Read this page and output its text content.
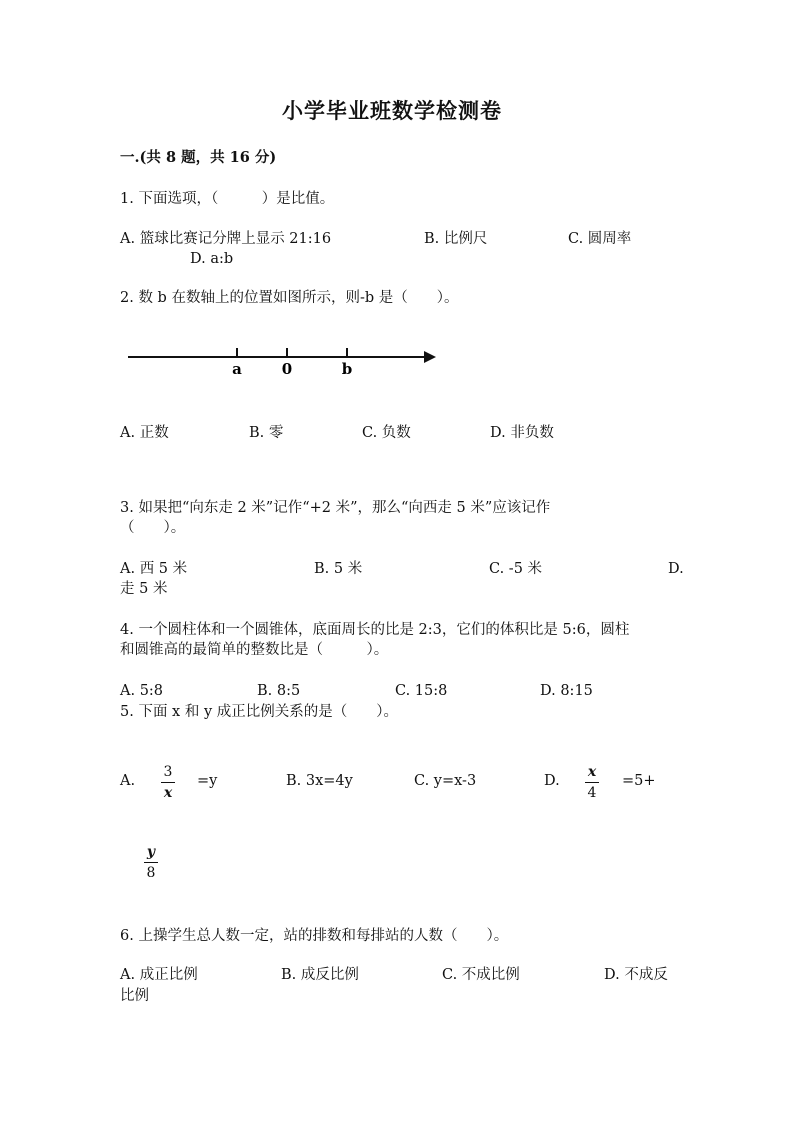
小学毕业班数学检测卷
一.(共 8 题，共 16 分)
1. 下面选项，（　　　）是比值。
A. 篮球比赛记分牌上显示 21:16	B. 比例尺	C. 圆周率
D. a:b
2. 数 b 在数轴上的位置如图所示，则-b 是（　　）。
a	0	b
A. 正数	B. 零	C. 负数	D. 非负数
3. 如果把“向东走 2 米”记作“+2 米”，那么“向西走 5 米”应该记作
（　　）。
A. 西 5 米	B. 5 米	C. -5 米	D.
走 5 米
4. 一个圆柱体和一个圆锥体，底面周长的比是 2:3，它们的体积比是 5:6，圆柱
和圆锥高的最简单的整数比是（　　　）。
A. 5:8	B. 8:5	C. 15:8	D. 8:15
5. 下面 x 和 y 成正比例关系的是（　　）。
A.
3
x
=y	B. 3x=4y	C. y=x-3	D.
x
4
=5+
y
8
6. 上操学生总人数一定，站的排数和每排站的人数（　　）。
A. 成正比例	B. 成反比例	C. 不成比例	D. 不成反
比例
